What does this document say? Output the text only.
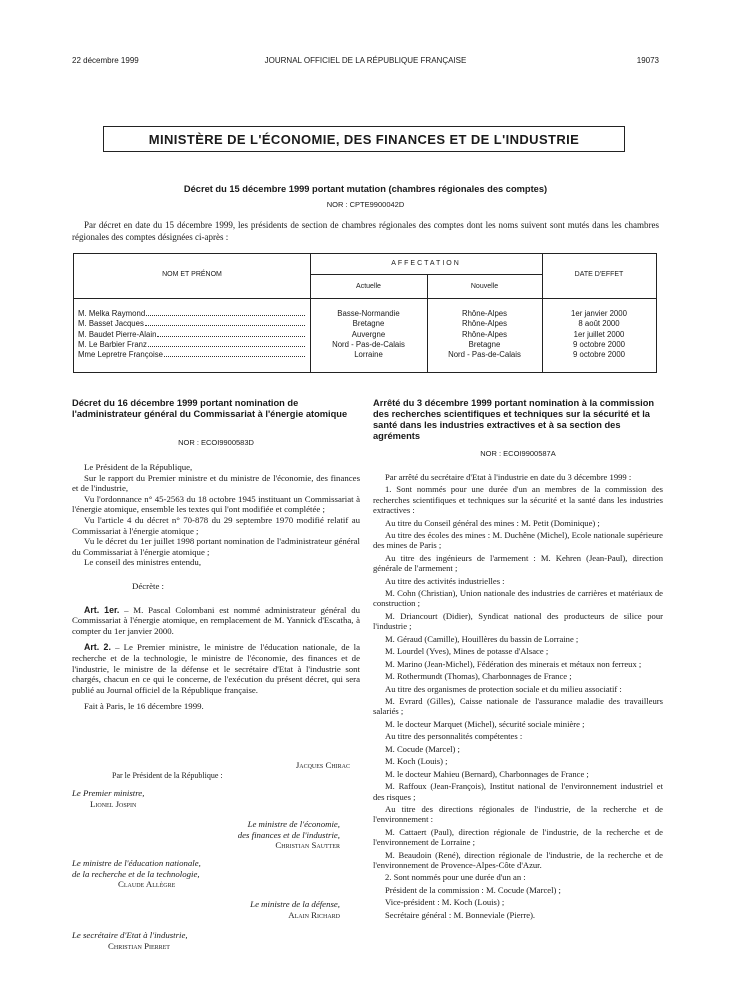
22 décembre 1999	JOURNAL OFFICIEL DE LA RÉPUBLIQUE FRANÇAISE	19073
MINISTÈRE DE L'ÉCONOMIE, DES FINANCES ET DE L'INDUSTRIE
Décret du 15 décembre 1999 portant mutation (chambres régionales des comptes)
NOR : CPTE9900042D
Par décret en date du 15 décembre 1999, les présidents de section de chambres régionales des comptes dont les noms suivent sont mutés dans les chambres régionales des comptes désignées ci-après :
NOM ET PRÉNOM
AFFECTATION
Actuelle	Nouvelle
DATE D'EFFET
M. Melka Raymond	Basse-Normandie	Rhône-Alpes	1er janvier 2000
M. Basset Jacques	Bretagne	Rhône-Alpes	8 août 2000
M. Baudet Pierre-Alain	Auvergne	Rhône-Alpes	1er juillet 2000
M. Le Barbier Franz	Nord - Pas-de-Calais	Bretagne	9 octobre 2000
Mme Lepretre Françoise	Lorraine	Nord - Pas-de-Calais	9 octobre 2000
Décret du 16 décembre 1999 portant nomination de l'administrateur général du Commissariat à l'énergie atomique
NOR : ECOI9900583D

Le Président de la République,

Sur le rapport du Premier ministre et du ministre de l'économie, des finances et de l'industrie,

Vu l'ordonnance n° 45-2563 du 18 octobre 1945 instituant un Commissariat à l'énergie atomique, ensemble les textes qui l'ont modifiée et complétée ;

Vu l'article 4 du décret n° 70-878 du 29 septembre 1970 modifié relatif au Commissariat à l'énergie atomique ;

Vu le décret du 1er juillet 1998 portant nomination de l'administrateur général du Commissariat à l'énergie atomique ;

Le conseil des ministres entendu,

Décrète :

Art. 1er. – M. Pascal Colombani est nommé administrateur général du Commissariat à l'énergie atomique, en remplacement de M. Yannick d'Escatha, à compter du 1er janvier 2000.

Art. 2. – Le Premier ministre, le ministre de l'éducation nationale, de la recherche et de la technologie, le ministre de l'économie, des finances et de l'industrie, le ministre de la défense et le secrétaire d'Etat à l'industrie sont chargés, chacun en ce qui le concerne, de l'exécution du présent décret, qui sera publié au Journal officiel de la République française.

Fait à Paris, le 16 décembre 1999.

Jacques Chirac
Par le Président de la République :
Le Premier ministre,
Lionel Jospin
Le ministre de l'économie,
des finances et de l'industrie,
Christian Sautter
Le ministre de l'éducation nationale,
de la recherche et de la technologie,
Claude Allègre
Le ministre de la défense,
Alain Richard
Le secrétaire d'Etat à l'industrie,
Christian Pierret
Arrêté du 3 décembre 1999 portant nomination à la commission des recherches scientifiques et techniques sur la sécurité et la santé dans les industries extractives et à sa section des agréments
NOR : ECOI9900587A

Par arrêté du secrétaire d'Etat à l'industrie en date du 3 décembre 1999 :

1. Sont nommés pour une durée d'un an membres de la commission des recherches scientifiques et techniques sur la sécurité et la santé dans les industries extractives :

Au titre du Conseil général des mines : M. Petit (Dominique) ;

Au titre des écoles des mines : M. Duchêne (Michel), Ecole nationale supérieure des mines de Paris ;

Au titre des ingénieurs de l'armement : M. Kehren (Jean-Paul), direction générale de l'armement ;

Au titre des activités industrielles :

M. Cohn (Christian), Union nationale des industries de carrières et matériaux de construction ;

M. Driancourt (Didier), Syndicat national des producteurs de silice pour l'industrie ;

M. Géraud (Camille), Houillères du bassin de Lorraine ;

M. Lourdel (Yves), Mines de potasse d'Alsace ;

M. Marino (Jean-Michel), Fédération des minerais et métaux non ferreux ;

M. Rothermundt (Thomas), Charbonnages de France ;

Au titre des organismes de protection sociale et du milieu associatif :

M. Evrard (Gilles), Caisse nationale de l'assurance maladie des travailleurs salariés ;

M. le docteur Marquet (Michel), sécurité sociale minière ;

Au titre des personnalités compétentes :

M. Cocude (Marcel) ;

M. Koch (Louis) ;

M. le docteur Mahieu (Bernard), Charbonnages de France ;

M. Raffoux (Jean-François), Institut national de l'environnement industriel et des risques ;

Au titre des directions régionales de l'industrie, de la recherche et de l'environnement :

M. Cattaert (Paul), direction régionale de l'industrie, de la recherche et de l'environnement de Lorraine ;

M. Beaudoin (René), direction régionale de l'industrie, de la recherche et de l'environnement de Provence-Alpes-Côte d'Azur.

2. Sont nommés pour une durée d'un an :

Président de la commission : M. Cocude (Marcel) ;

Vice-président : M. Koch (Louis) ;

Secrétaire général : M. Bonneviale (Pierre).
